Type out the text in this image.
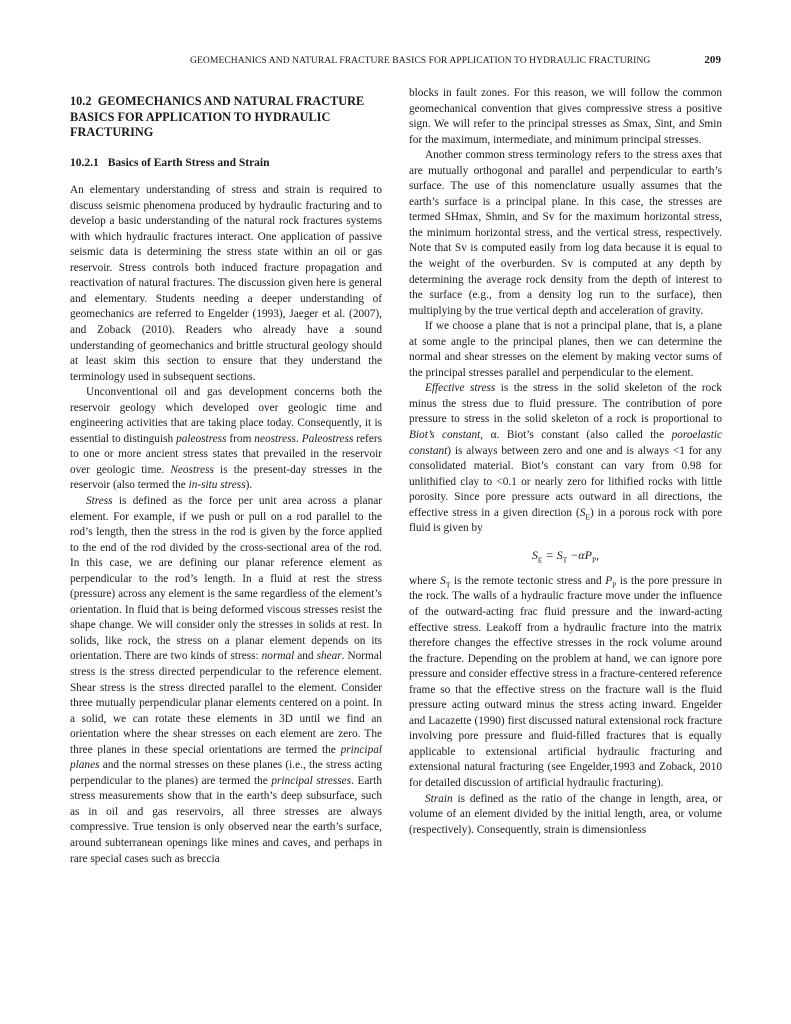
GEOMECHANICS AND NATURAL FRACTURE BASICS FOR APPLICATION TO HYDRAULIC FRACTURING	209
10.2 GEOMECHANICS AND NATURAL FRACTURE BASICS FOR APPLICATION TO HYDRAULIC FRACTURING
10.2.1 Basics of Earth Stress and Strain

An elementary understanding of stress and strain is required to discuss seismic phenomena produced by hydraulic fracturing and to develop a basic understanding of the natural rock fractures systems with which hydraulic fractures interact. One application of passive seismic data is determining the stress state within an oil or gas reservoir. Stress controls both induced fracture propagation and reactivation of natural fractures. The discussion given here is general and elementary. Students needing a deeper understanding of geomechanics are referred to Engelder (1993), Jaeger et al. (2007), and Zoback (2010). Readers who already have a sound understanding of geomechanics and brittle structural geology should at least skim this section to ensure that they understand the terminology used in subsequent sections.

Unconventional oil and gas development concerns both the reservoir geology which developed over geologic time and engineering activities that are taking place today. Consequently, it is essential to distinguish paleostress from neostress. Paleostress refers to one or more ancient stress states that prevailed in the reservoir over geologic time. Neostress is the present-day stresses in the reservoir (also termed the in-situ stress).

Stress is defined as the force per unit area across a planar element. For example, if we push or pull on a rod parallel to the rod’s length, then the stress in the rod is given by the force applied to the end of the rod divided by the cross-sectional area of the rod. In this case, we are defining our planar reference element as perpendicular to the rod’s length. In a fluid at rest the stress (pressure) across any element is the same regardless of the element’s orientation. In fluid that is being deformed viscous stresses resist the shape change. We will consider only the stresses in solids at rest. In solids, like rock, the stress on a planar element depends on its orientation. There are two kinds of stress: normal and shear. Normal stress is the stress directed perpendicular to the reference element. Shear stress is the stress directed parallel to the element. Consider three mutually perpendicular planar elements centered on a point. In a solid, we can rotate these elements in 3D until we find an orientation where the shear stresses on each element are zero. The three planes in these special orientations are termed the principal planes and the normal stresses on these planes (i.e., the stress acting perpendicular to the planes) are termed the principal stresses. Earth stress measurements show that in the earth’s deep subsurface, such as in oil and gas reservoirs, all three stresses are always compressive. True tension is only observed near the earth’s surface, around subterranean openings like mines and caves, and perhaps in rare special cases such as breccia

blocks in fault zones. For this reason, we will follow the common geomechanical convention that gives compressive stress a positive sign. We will refer to the principal stresses as Smax, Sint, and Smin for the maximum, intermediate, and minimum principal stresses.

Another common stress terminology refers to the stress axes that are mutually orthogonal and parallel and perpendicular to earth’s surface. The use of this nomenclature usually assumes that the earth’s surface is a principal plane. In this case, the stresses are termed SHmax, Shmin, and Sv for the maximum horizontal stress, the minimum horizontal stress, and the vertical stress, respectively. Note that Sv is computed easily from log data because it is equal to the weight of the overburden. Sv is computed at any depth by determining the average rock density from the depth of interest to the surface (e.g., from a density log run to the surface), then multiplying by the true vertical depth and acceleration of gravity.

If we choose a plane that is not a principal plane, that is, a plane at some angle to the principal planes, then we can determine the normal and shear stresses on the element by making vector sums of the principal stresses parallel and perpendicular to the element.

Effective stress is the stress in the solid skeleton of the rock minus the stress due to fluid pressure. The contribution of pore pressure to stress in the solid skeleton of a rock is proportional to Biot’s constant, α. Biot’s constant (also called the poroelastic constant) is always between zero and one and is always <1 for any consolidated material. Biot’s constant can vary from 0.98 for unlithified clay to <0.1 or nearly zero for lithified rocks with little porosity. Since pore pressure acts outward in all directions, the effective stress in a given direction $(S_E)$ in a porous rock with pore fluid is given by

$S_E = S_T -\alpha P_P$,

where $S_T$ is the remote tectonic stress and $P_P$ is the pore pressure in the rock. The walls of a hydraulic fracture move under the influence of the outward-acting frac fluid pressure and the inward-acting effective stress. Leakoff from a hydraulic fracture into the matrix therefore changes the effective stresses in the rock volume around the fracture. Depending on the problem at hand, we can ignore pore pressure and consider effective stress in a fracture-centered reference frame so that the effective stress on the fracture wall is the fluid pressure acting outward minus the stress acting inward. Engelder and Lacazette (1990) first discussed natural extensional rock fracture involving pore pressure and fluid-filled fractures that is equally applicable to extensional artificial hydraulic fracturing and extensional natural fracturing (see Engelder,1993 and Zoback, 2010 for detailed discussion of artificial hydraulic fracturing).

Strain is defined as the ratio of the change in length, area, or volume of an element divided by the initial length, area, or volume (respectively). Consequently, strain is dimensionless
